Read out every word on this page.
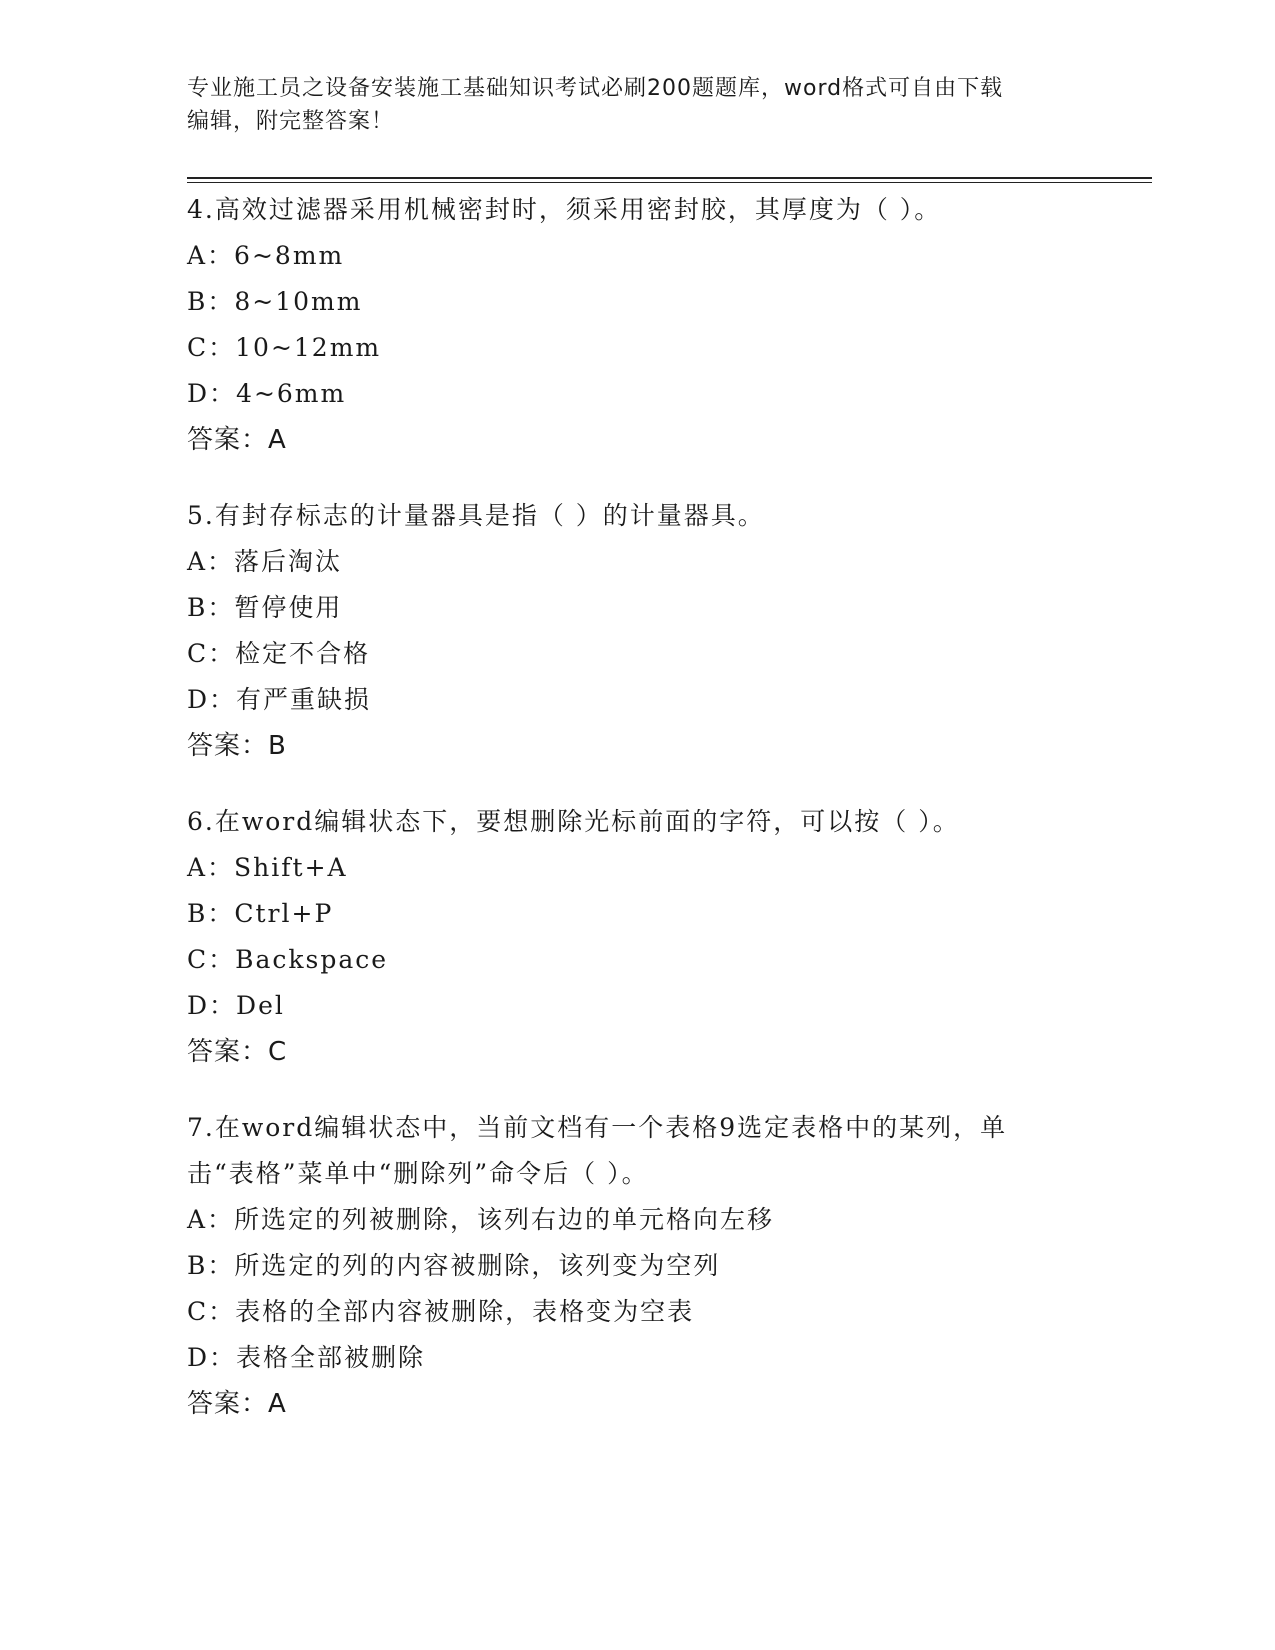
专业施工员之设备安装施工基础知识考试必刷200题题库，word格式可自由下载
编辑，附完整答案！
4.高效过滤器采用机械密封时，须采用密封胶，其厚度为（ ）。
A：6~8mm
B：8~10mm
C：10~12mm
D：4~6mm
答案：A
5.有封存标志的计量器具是指（ ）的计量器具。
A：落后淘汰
B：暂停使用
C：检定不合格
D：有严重缺损
答案：B
6.在word编辑状态下，要想删除光标前面的字符，可以按（ ）。
A：Shift+A
B：Ctrl+P
C：Backspace
D：Del
答案：C
7.在word编辑状态中，当前文档有一个表格9选定表格中的某列，单
击“表格”菜单中“删除列”命令后（ ）。
A：所选定的列被删除，该列右边的单元格向左移
B：所选定的列的内容被删除，该列变为空列
C：表格的全部内容被删除，表格变为空表
D：表格全部被删除
答案：A
